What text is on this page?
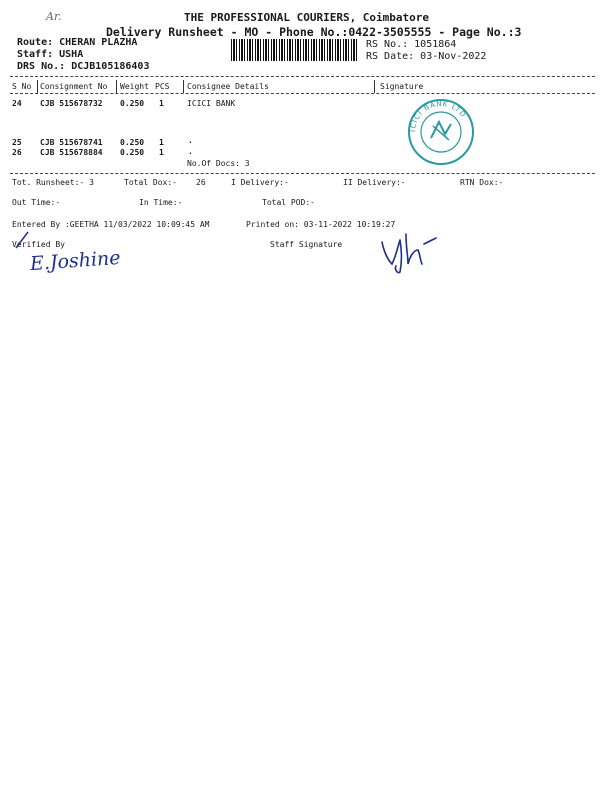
Ar.	THE PROFESSIONAL COURIERS, Coimbatore
Delivery Runsheet - MO - Phone No.:0422-3505555 - Page No.:3
Route: CHERAN PLAZHA
Staff: USHA
DRS No.: DCJB105186403
RS No.: 1051864
RS Date: 03-Nov-2022
S No Consignment No Weight PCS Consignee Details	Signature
24 CJB 515678732 0.250 1	ICICI BANK
25 CJB 515678741 0.250 1	.
26 CJB 515678884 0.250 1	.
No.Of Docs: 3
ICICI BANK LTD
Tot. Runsheet:- 3	Total Dox:- 26	I Delivery:-	II Delivery:-	RTN Dox:-
Out Time:-	In Time:-	Total POD:-
Entered By :GEETHA 11/03/2022 10:09:45 AM	Printed on: 03-11-2022 10:19:27
Verified By	Staff Signature
E.Joshine
